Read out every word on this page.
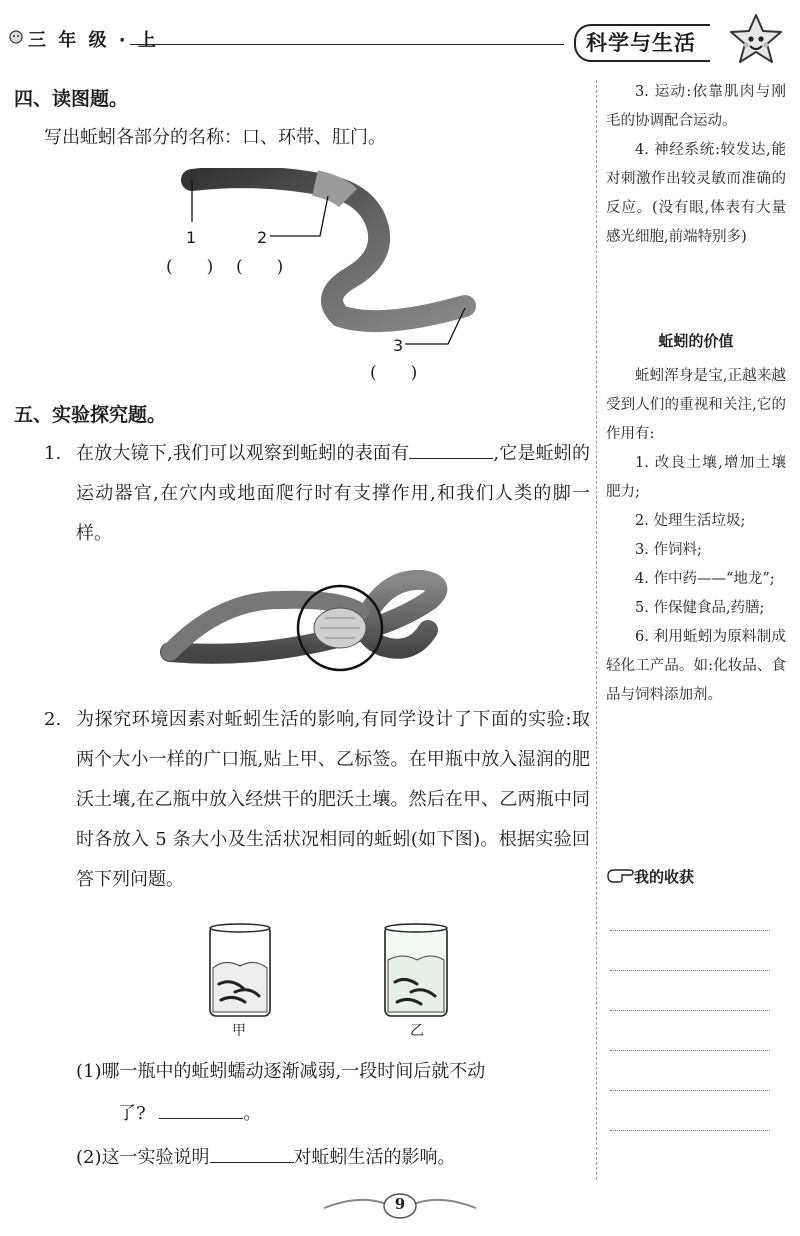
三 年 级 · 上	科学与生活
四、读图题。
写出蚯蚓各部分的名称：口、环带、肛门。
1	2
3
(　　) (　　)
(　　)
五、实验探究题。
1. 在放大镜下,我们可以观察到蚯蚓的表面有	,它是蚯蚓的运动器官,在穴内或地面爬行时有支撑作用,和我们人类的脚一样。
2. 为探究环境因素对蚯蚓生活的影响,有同学设计了下面的实验:取两个大小一样的广口瓶,贴上甲、乙标签。在甲瓶中放入湿润的肥沃土壤,在乙瓶中放入经烘干的肥沃土壤。然后在甲、乙两瓶中同时各放入 5 条大小及生活状况相同的蚯蚓(如下图)。根据实验回答下列问题。
甲	乙
(1)哪一瓶中的蚯蚓蠕动逐渐减弱,一段时间后就不动
了?	。
(2)这一实验说明	对蚯蚓生活的影响。

3. 运动:依靠肌肉与刚毛的协调配合运动。

4. 神经系统:较发达,能对刺激作出较灵敏而准确的反应。(没有眼,体表有大量感光细胞,前端特别多)

蚯蚓的价值

蚯蚓浑身是宝,正越来越受到人们的重视和关注,它的作用有:

1. 改良土壤,增加土壤肥力;

2. 处理生活垃圾;

3. 作饲料;

4. 作中药——“地龙”;

5. 作保健食品,药膳;

6. 利用蚯蚓为原料制成轻化工产品。如:化妆品、食品与饲料添加剂。

我的收获
9
